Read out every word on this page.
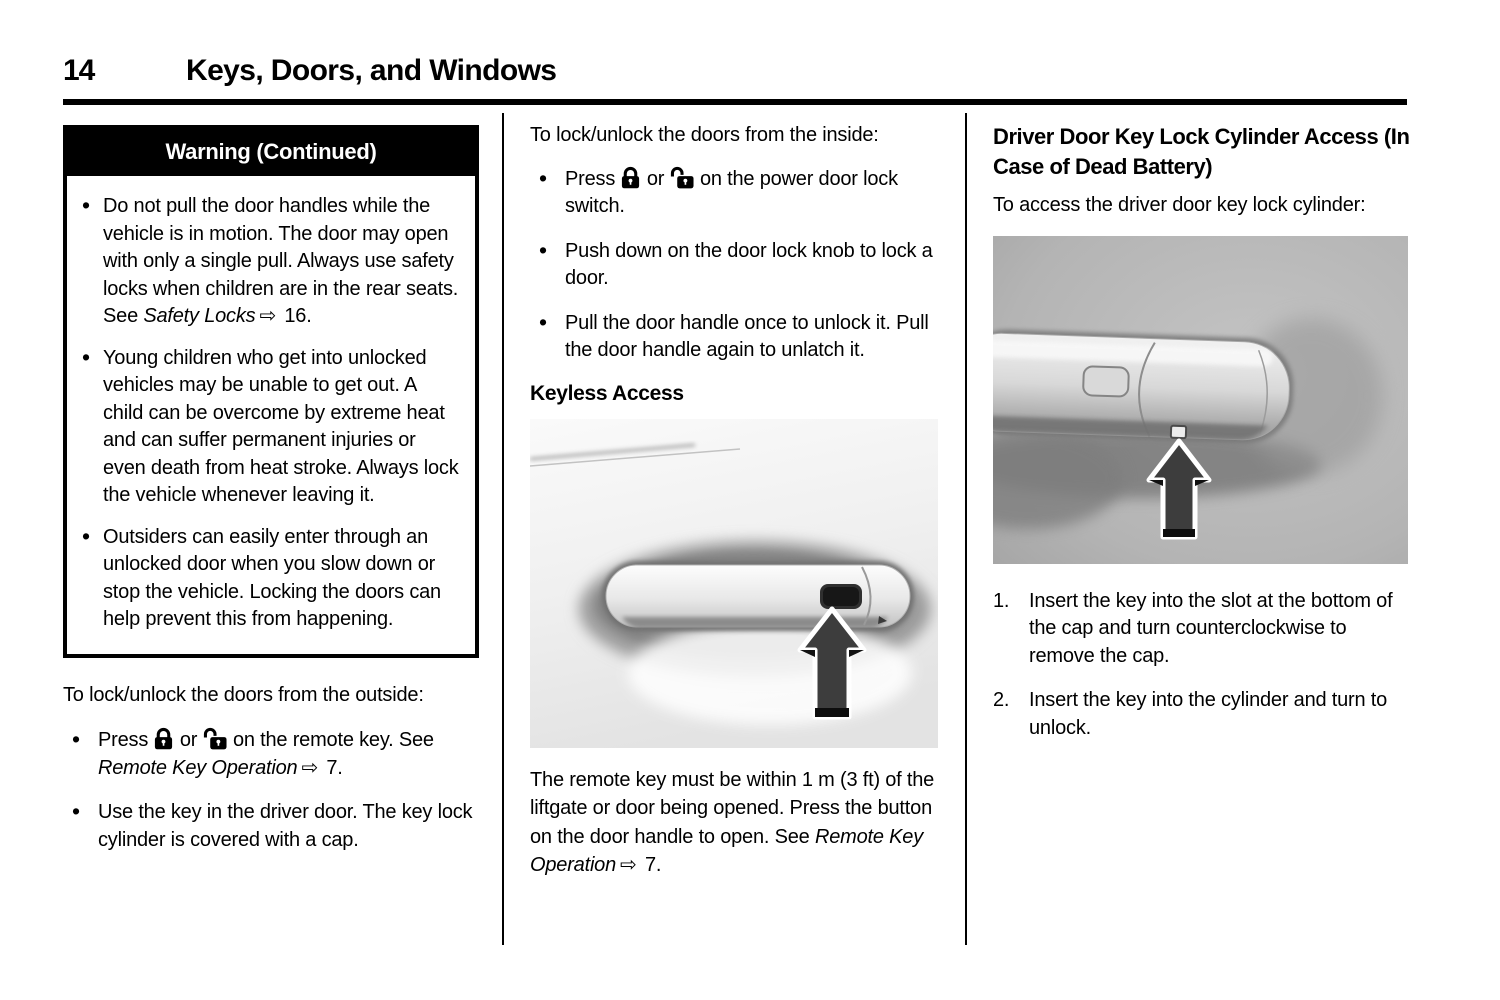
14	Keys, Doors, and Windows
Warning (Continued)
• Do not pull the door handles while the vehicle is in motion. The door may open with only a single pull. Always use safety locks when children are in the rear seats. See Safety Locks ⇨ 16.
• Young children who get into unlocked vehicles may be unable to get out. A child can be overcome by extreme heat and can suffer permanent injuries or even death from heat stroke. Always lock the vehicle whenever leaving it.
• Outsiders can easily enter through an unlocked door when you slow down or stop the vehicle. Locking the doors can help prevent this from happening.

To lock/unlock the doors from the outside:

• Press  or  on the remote key. See Remote Key Operation ⇨ 7.
• Use the key in the driver door. The key lock cylinder is covered with a cap.

To lock/unlock the doors from the inside:

• Press  or  on the power door lock switch.
• Push down on the door lock knob to lock a door.
• Pull the door handle once to unlock it. Pull the door handle again to unlatch it.
Keyless Access

The remote key must be within 1 m (3 ft) of the liftgate or door being opened. Press the button on the door handle to open. See Remote Key Operation ⇨ 7.

Driver Door Key Lock Cylinder Access (In Case of Dead Battery)

To access the driver door key lock cylinder:

1. Insert the key into the slot at the bottom of the cap and turn counterclockwise to remove the cap.
2. Insert the key into the cylinder and turn to unlock.
